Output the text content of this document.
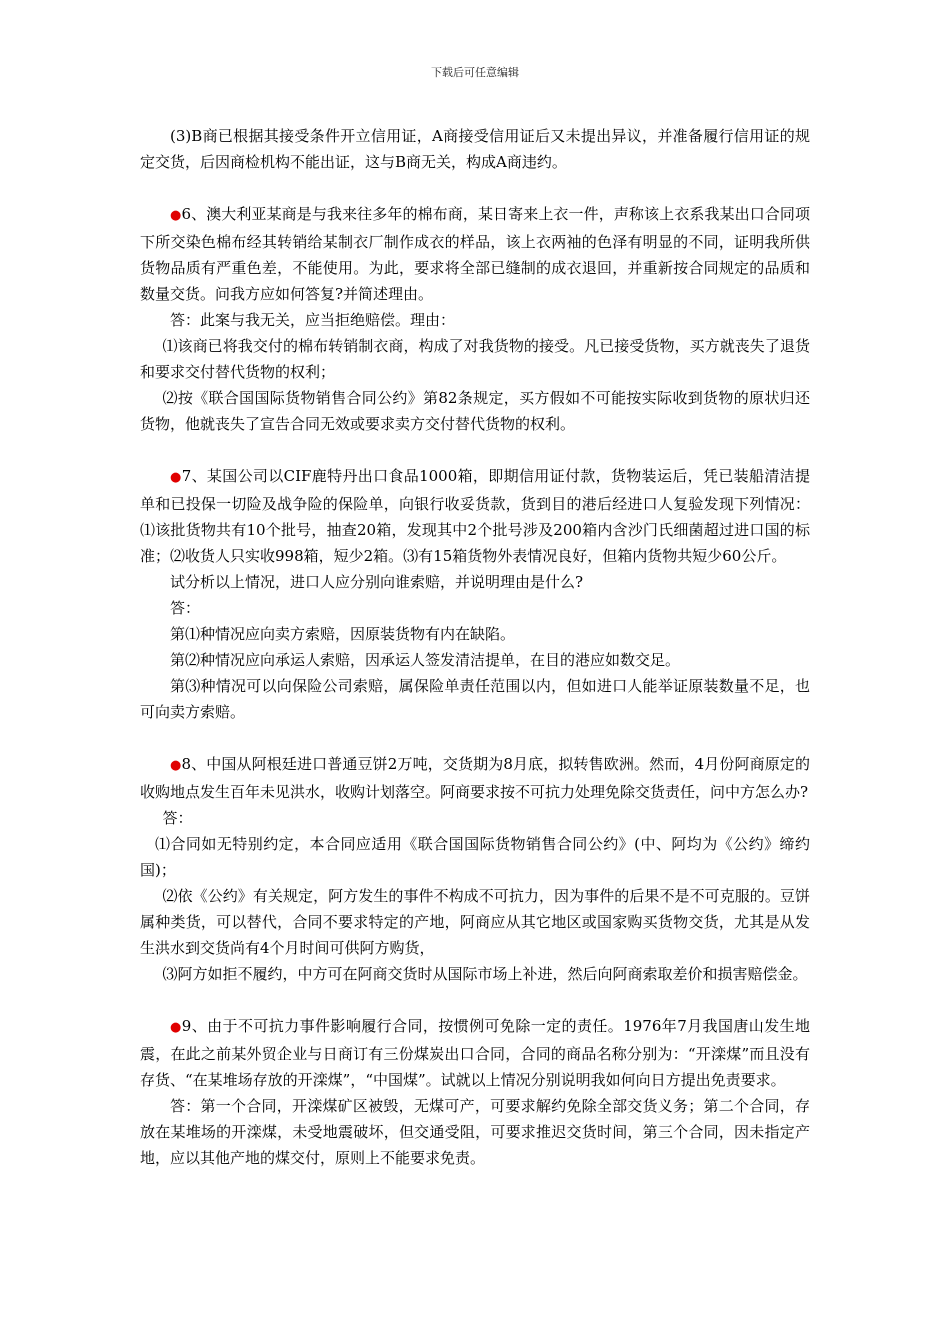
下载后可任意编辑

(3)B商已根据其接受条件开立信用证，A商接受信用证后又未提出异议，并准备履行信用证的规定交货，后因商检机构不能出证，这与B商无关，构成A商违约。

●6、澳大利亚某商是与我来往多年的棉布商，某日寄来上衣一件，声称该上衣系我某出口合同项下所交染色棉布经其转销给某制衣厂制作成衣的样品，该上衣两袖的色泽有明显的不同，证明我所供货物品质有严重色差，不能使用。为此，要求将全部已缝制的成衣退回，并重新按合同规定的品质和数量交货。问我方应如何答复?并简述理由。

答：此案与我无关，应当拒绝赔偿。理由：

⑴该商已将我交付的棉布转销制衣商，构成了对我货物的接受。凡已接受货物，买方就丧失了退货和要求交付替代货物的权利；

⑵按《联合国国际货物销售合同公约》第82条规定，买方假如不可能按实际收到货物的原状归还货物，他就丧失了宣告合同无效或要求卖方交付替代货物的权利。

●7、某国公司以CIF鹿特丹出口食品1000箱，即期信用证付款，货物装运后，凭已装船清洁提单和已投保一切险及战争险的保险单，向银行收妥货款，货到目的港后经进口人复验发现下列情况：⑴该批货物共有10个批号，抽查20箱，发现其中2个批号涉及200箱内含沙门氏细菌超过进口国的标准；⑵收货人只实收998箱，短少2箱。⑶有15箱货物外表情况良好，但箱内货物共短少60公斤。

试分析以上情况，进口人应分别向谁索赔，并说明理由是什么?

答：

第⑴种情况应向卖方索赔，因原装货物有内在缺陷。

第⑵种情况应向承运人索赔，因承运人签发清洁提单，在目的港应如数交足。

第⑶种情况可以向保险公司索赔，属保险单责任范围以内，但如进口人能举证原装数量不足，也可向卖方索赔。

●8、中国从阿根廷进口普通豆饼2万吨，交货期为8月底，拟转售欧洲。然而，4月份阿商原定的收购地点发生百年未见洪水，收购计划落空。阿商要求按不可抗力处理免除交货责任，问中方怎么办?

答：

⑴合同如无特别约定，本合同应适用《联合国国际货物销售合同公约》(中、阿均为《公约》缔约国)；

⑵依《公约》有关规定，阿方发生的事件不构成不可抗力，因为事件的后果不是不可克服的。豆饼属种类货，可以替代，合同不要求特定的产地，阿商应从其它地区或国家购买货物交货，尤其是从发生洪水到交货尚有4个月时间可供阿方购货，

⑶阿方如拒不履约，中方可在阿商交货时从国际市场上补进，然后向阿商索取差价和损害赔偿金。

●9、由于不可抗力事件影响履行合同，按惯例可免除一定的责任。1976年7月我国唐山发生地震，在此之前某外贸企业与日商订有三份煤炭出口合同，合同的商品名称分别为：“开滦煤”而且没有存货、“在某堆场存放的开滦煤”，“中国煤”。试就以上情况分别说明我如何向日方提出免责要求。

答：第一个合同，开滦煤矿区被毁，无煤可产，可要求解约免除全部交货义务；第二个合同，存放在某堆场的开滦煤，未受地震破坏，但交通受阻，可要求推迟交货时间，第三个合同，因未指定产地，应以其他产地的煤交付，原则上不能要求免责。
